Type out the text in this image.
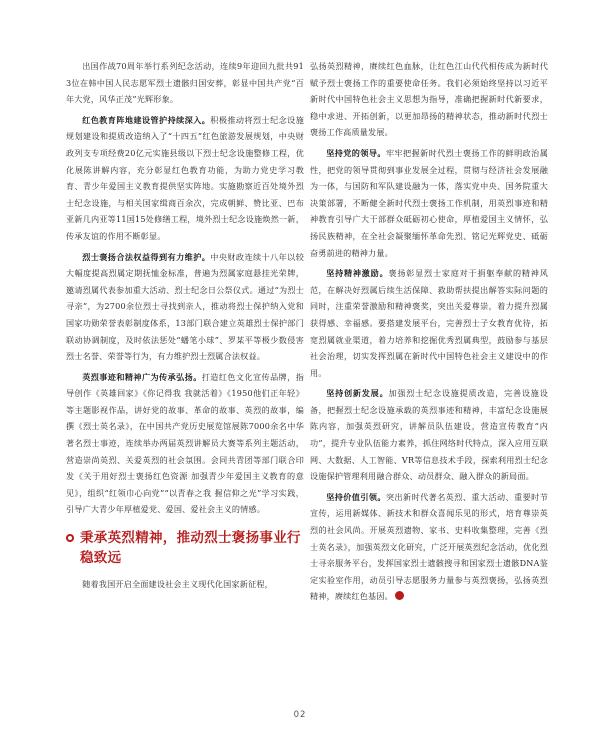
出国作战70周年举行系列纪念活动，连续9年迎回九批共913位在韩中国人民志愿军烈士遗骸归国安葬，彰显中国共产党“百年大党，风华正茂”光辉形象。

红色教育阵地建设管护持续深入。积极推动将烈士纪念设施规划建设和提质改造纳入了“十四五”红色旅游发展规划，中央财政列支专项经费20亿元实施县级以下烈士纪念设施整修工程，优化展陈讲解内容，充分彰显红色教育功能，为助力党史学习教育、青少年爱国主义教育提供坚实阵地。实施勘察近百处境外烈士纪念设施，与相关国家缉商百余次，完成朝鲜、赞比亚、巴布亚新几内亚等11国15处修缮工程，境外烈士纪念设施焕然一新，传承友谊的作用不断彰显。

烈士褒扬合法权益得到有力维护。中央财政连续十八年以较大幅度提高烈属定期抚恤金标准，普遍为烈属家庭悬挂光荣牌，邀请烈属代表参加重大活动、烈士纪念日公祭仪式。通过“为烈士寻亲”，为2700余位烈士寻找到亲人，推动将烈士保护纳入党和国家功勋荣誉表彰制度体系，13部门联合建立英雄烈士保护部门联动协调制度，及时依法惩处“蟠笔小球”、罗某平等极少数侵害烈士名誉、荣誉等行为，有力维护烈士烈属合法权益。

英烈事迹和精神广为传承弘扬。打造红色文化宣传品牌，指导创作《英雄回家》《你记得我 我就活着》《1950他们正年轻》等主题影视作品，讲好党的故事、革命的故事、英烈的故事，编撰《烈士英名录》，在中国共产党历史展览馆展陈7000余名中华著名烈士事迹，连续举办两届英烈讲解员大赛等系列主题活动，营造崇尚英烈、关爱英烈的社会氛围。会同共青团等部门联合印发《关于用好烈士褒扬红色资源 加强青少年爱国主义教育的意见》，组织“红领巾心向党”“以青春之我 握信仰之光”学习实践，引导广大青少年厚植爱党、爱国、爱社会主义的情感。

秉承英烈精神，推动烈士褒扬事业行稳致远

随着我国开启全面建设社会主义现代化国家新征程，

弘扬英烈精神，赓续红色血脉，让红色江山代代相传成为新时代赋予烈士褒扬工作的重要使命任务。我们必须始终坚持以习近平新时代中国特色社会主义思想为指导，准确把握新时代新要求，稳中求进、开拓创新，以更加昂扬的精神状态，推动新时代烈士褒扬工作高质量发展。

坚持党的领导。牢牢把握新时代烈士褒扬工作的鲜明政治属性，把党的领导贯彻到事业发展全过程，贯彻与经济社会发展融为一体，与国防和军队建设融为一体，落实党中央、国务院重大决策部署，不断健全新时代烈士褒扬工作机制，用英烈事迹和精神教育引导广大干部群众砥砺初心使命，厚植爱国主义情怀，弘扬民族精神，在全社会凝聚缅怀革命先烈、铭记光辉党史、砥砺奋勇前进的精神力量。

坚持精神激励。褒扬彰显烈士家庭对于捐躯奉献的精神风范，在解决好烈属后续生活保障、救助帮扶提出解答实际问题的同时，注重荣誉激励和精神褒奖，突出关爱尊崇，着力提升烈属获得感、幸福感。要搭建发展平台，完善烈士子女教育优待，拓宽烈属就业渠道，着力培养和挖掘优秀烈属典型，鼓励参与基层社会治理，切实发挥烈属在新时代中国特色社会主义建设中的作用。

坚持创新发展。加强烈士纪念设施提质改造，完善设施设备，把握烈士纪念设施承载的英烈事迹和精神，丰富纪念设施展陈内容，加强英烈研究，讲解员队伍建设，营造宣传教育“内功”，提升专业队伍能力素养，抓住网络时代特点，深入应用互联网、大数据、人工智能、VR等信息技术手段，探索利用烈士纪念设施保护管理利用融合群众、动员群众、融入群众的新局面。

坚持价值引领。突出新时代著名英烈、重大活动、重要时节宣传，运用新媒体、新技术和群众喜闻乐见的形式，培育尊崇英烈的社会风尚。开展英烈遗物、家书、史料收集整理，完善《烈士英名录》，加强英烈文化研究，广泛开展英烈纪念活动，优化烈士寻亲服务平台，发挥国家烈士遗骸搜寻和国家烈士遗骸DNA鉴定实验室作用，动员引导志愿服务力量参与英烈褒扬，弘扬英烈精神，赓续红色基因。

02
